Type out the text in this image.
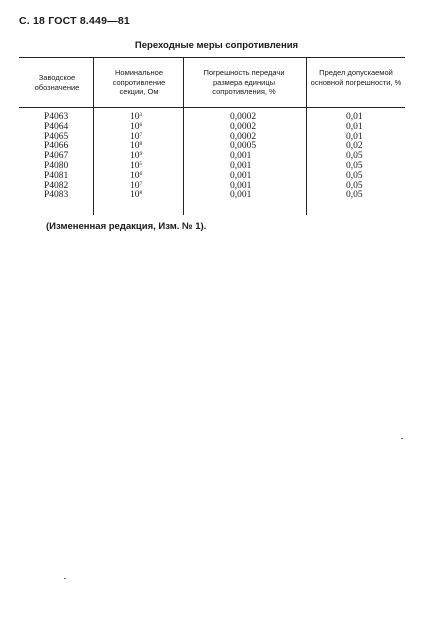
С. 18 ГОСТ 8.449—81
Переходные меры сопротивления
Заводское обозначение
Номинальное сопротивление секции, Ом
Погрешность передачи размера единицы сопротивления, %
Предел допускаемой основной погрешности, %
Р4063
Р4064
Р4065
Р4066
Р4067
Р4080
Р4081
Р4082
Р4083
$10^3$
$10^6$
$10^7$
$10^8$
$10^9$
$10^5$
$10^6$
$10^7$
$10^8$
0,0002
0,0002
0,0002
0,0005
0,001
0,001
0,001
0,001
0,001
0,01
0,01
0,01
0,02
0,05
0,05
0,05
0,05
0,05
(Измененная редакция, Изм. № 1).
